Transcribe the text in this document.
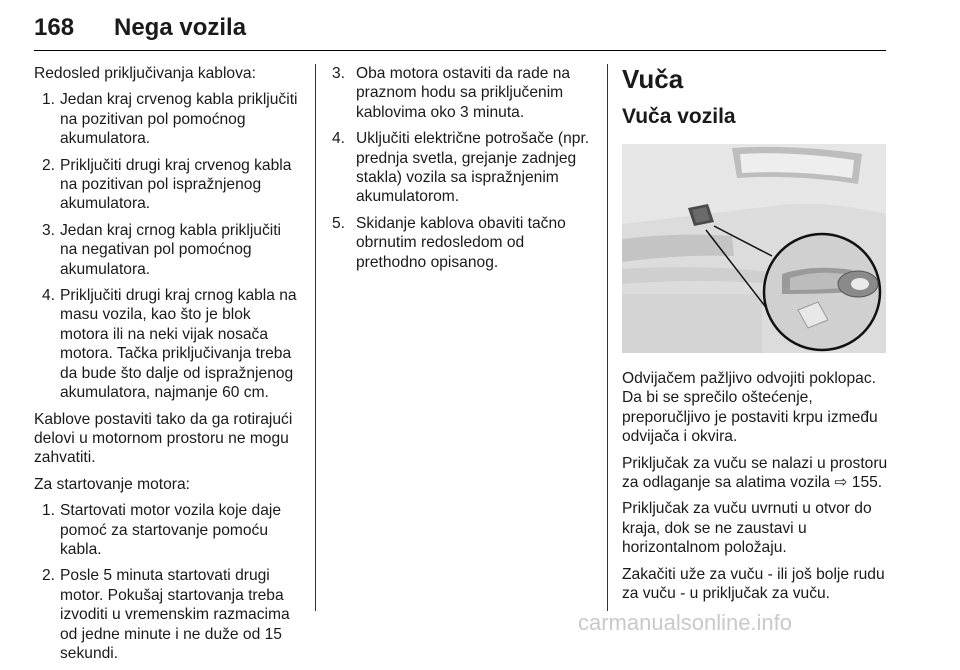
168 Nega vozila

Redosled priključivanja kablova:

1. Jedan kraj crvenog kabla priključiti na pozitivan pol pomoćnog akumulatora.
2. Priključiti drugi kraj crvenog kabla na pozitivan pol ispražnjenog akumulatora.
3. Jedan kraj crnog kabla priključiti na negativan pol pomoćnog akumulatora.
4. Priključiti drugi kraj crnog kabla na masu vozila, kao što je blok motora ili na neki vijak nosača motora. Tačka priključivanja treba da bude što dalje od ispražnjenog akumulatora, najmanje 60 cm.

Kablove postaviti tako da ga rotirajući delovi u motornom prostoru ne mogu zahvatiti.

Za startovanje motora:

1. Startovati motor vozila koje daje pomoć za startovanje pomoću kabla.
2. Posle 5 minuta startovati drugi motor. Pokušaj startovanja treba izvoditi u vremenskim razmacima od jedne minute i ne duže od 15 sekundi.
3. Oba motora ostaviti da rade na praznom hodu sa priključenim kablovima oko 3 minuta.
4. Uključiti električne potrošače (npr. prednja svetla, grejanje zadnjeg stakla) vozila sa ispražnjenim akumulatorom.
5. Skidanje kablova obaviti tačno obrnutim redosledom od prethodno opisanog.
Vuča
Vuča vozila

Odvijačem pažljivo odvojiti poklopac. Da bi se sprečilo oštećenje, preporučljivo je postaviti krpu između odvijača i okvira.

Priključak za vuču se nalazi u prostoru za odlaganje sa alatima vozila ⇨ 155.

Priključak za vuču uvrnuti u otvor do kraja, dok se ne zaustavi u horizontalnom položaju.

Zakačiti uže za vuču - ili još bolje rudu za vuču - u priključak za vuču.

carmanualsonline.info
